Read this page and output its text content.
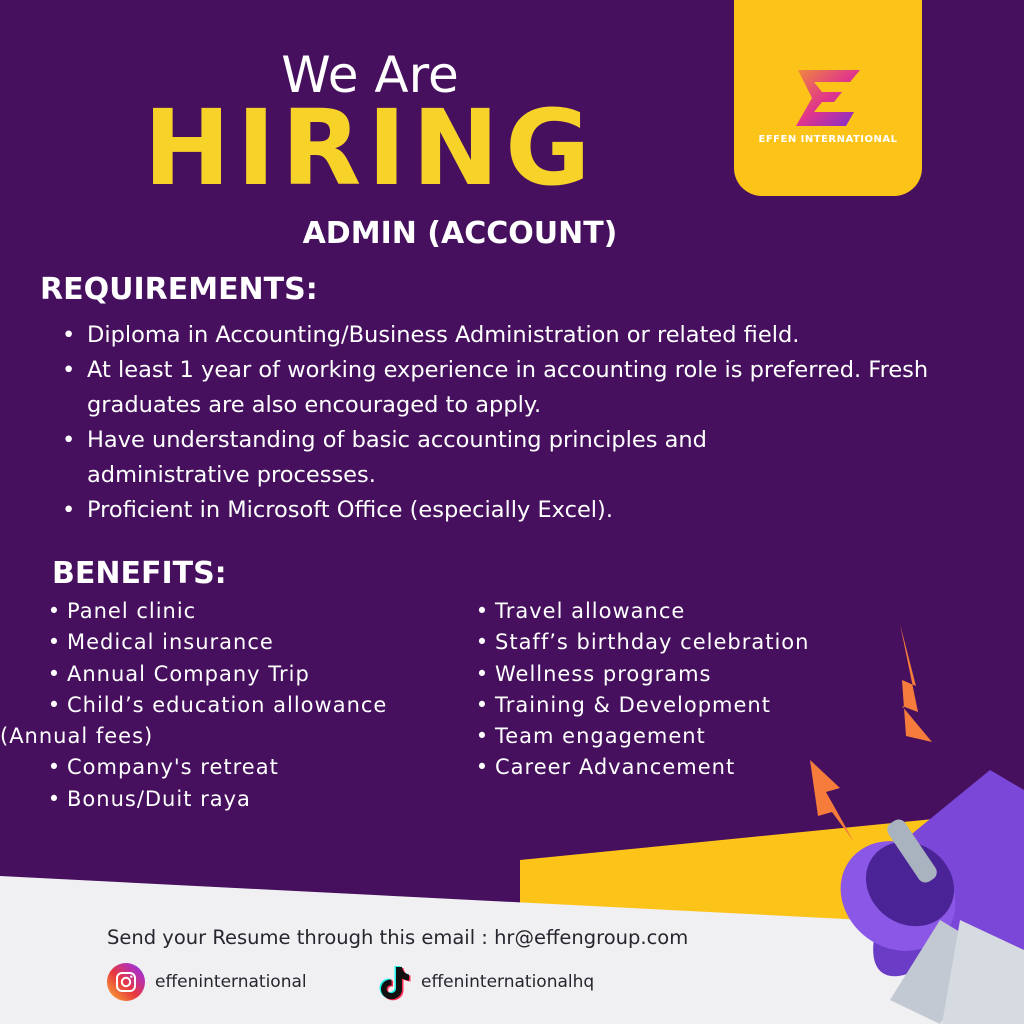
EFFEN INTERNATIONAL
We Are
HIRING
ADMIN (ACCOUNT)
REQUIREMENTS:
• Diploma in Accounting/Business Administration or related field.
• At least 1 year of working experience in accounting role is preferred. Fresh graduates are also encouraged to apply.
• Have understanding of basic accounting principles and administrative processes.
• Proficient in Microsoft Office (especially Excel).
BENEFITS:
• Panel clinic
• Medical insurance
• Annual Company Trip
• Child’s education allowance
(Annual fees)
• Company's retreat
• Bonus/Duit raya
• Travel allowance
• Staff’s birthday celebration
• Wellness programs
• Training & Development
• Team engagement
• Career Advancement
Send your Resume through this email : hr@effengroup.com
effeninternational	effeninternationalhq
